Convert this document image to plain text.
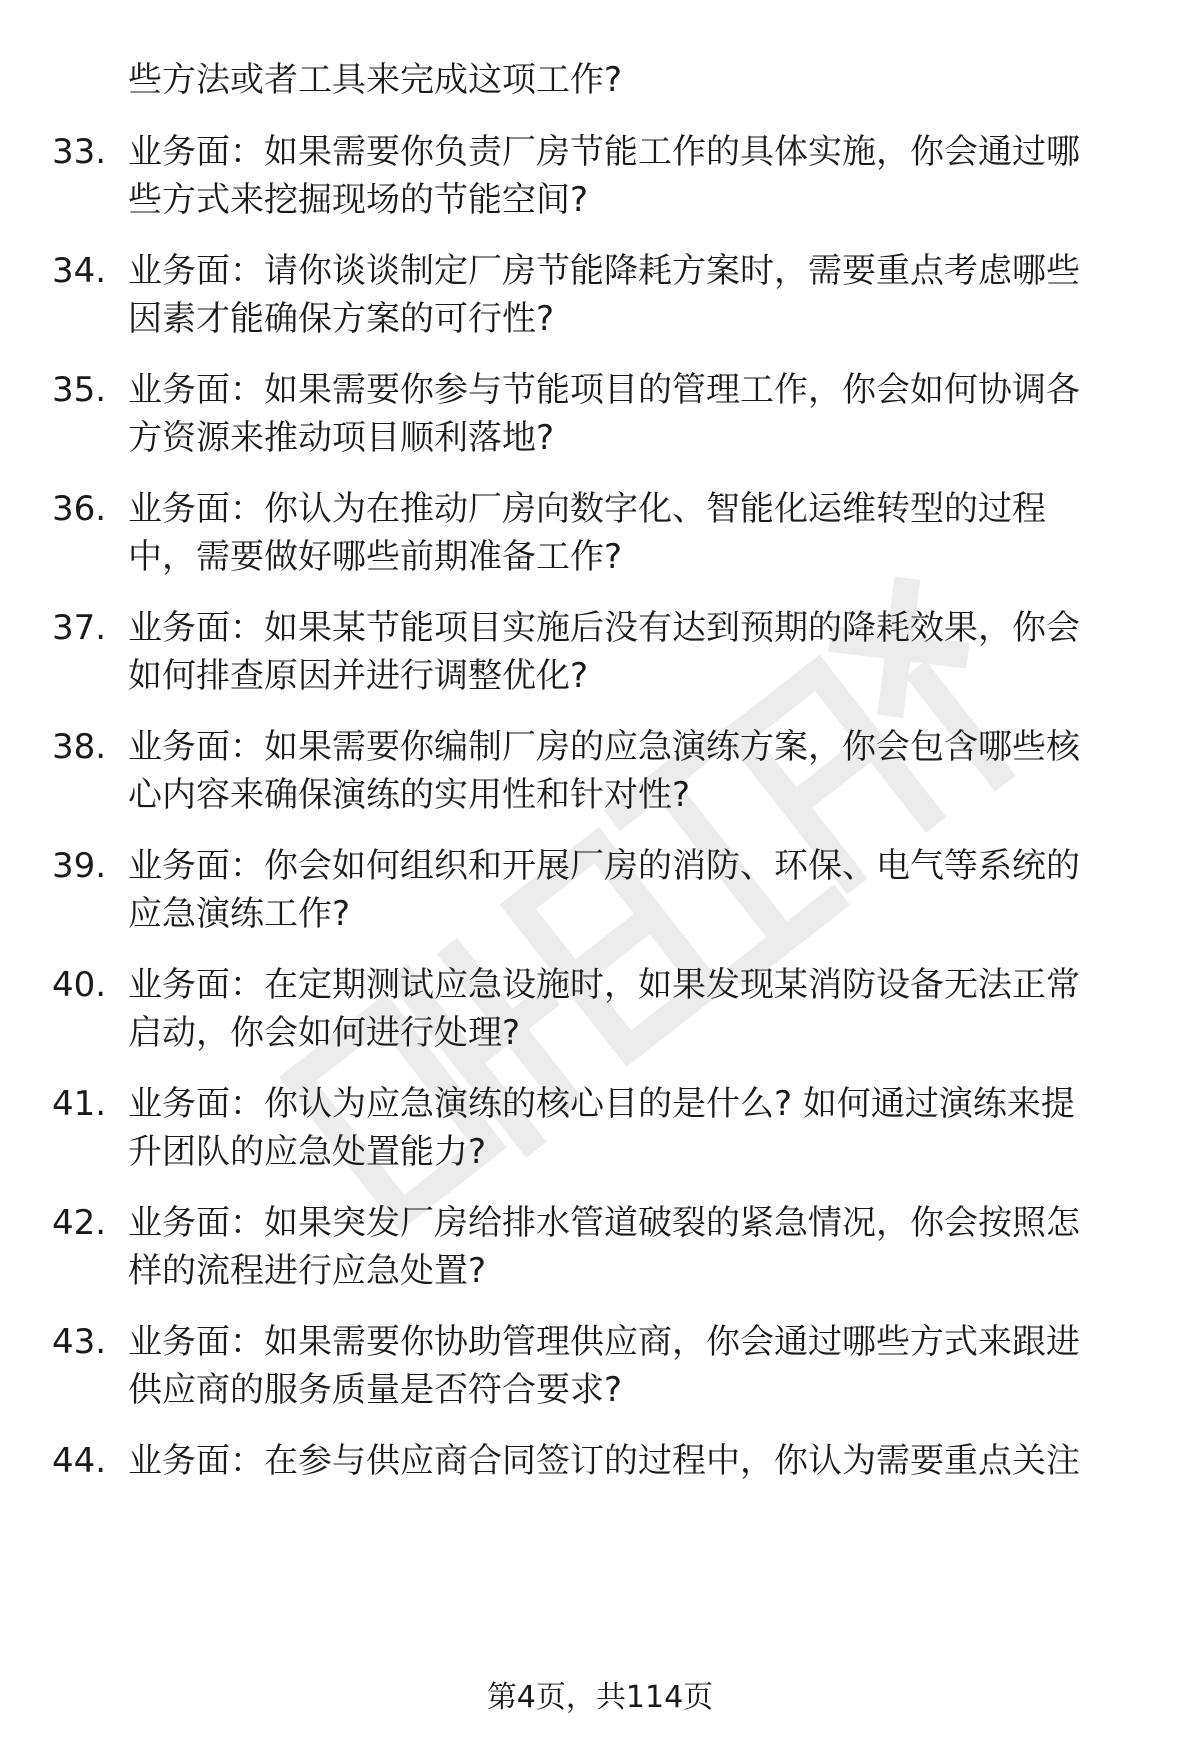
些方法或者工具来完成这项工作?
33. 业务面：如果需要你负责厂房节能工作的具体实施，你会通过哪
些方式来挖掘现场的节能空间?
34. 业务面：请你谈谈制定厂房节能降耗方案时，需要重点考虑哪些
因素才能确保方案的可行性?
35. 业务面：如果需要你参与节能项目的管理工作，你会如何协调各
方资源来推动项目顺利落地?
36. 业务面：你认为在推动厂房向数字化、智能化运维转型的过程
中，需要做好哪些前期准备工作?
37. 业务面：如果某节能项目实施后没有达到预期的降耗效果，你会
如何排查原因并进行调整优化?
38. 业务面：如果需要你编制厂房的应急演练方案，你会包含哪些核
心内容来确保演练的实用性和针对性?
39. 业务面：你会如何组织和开展厂房的消防、环保、电气等系统的
应急演练工作?
40. 业务面：在定期测试应急设施时，如果发现某消防设备无法正常
启动，你会如何进行处理?
41. 业务面：你认为应急演练的核心目的是什么? 如何通过演练来提
升团队的应急处置能力?
42. 业务面：如果突发厂房给排水管道破裂的紧急情况，你会按照怎
样的流程进行应急处置?
43. 业务面：如果需要你协助管理供应商，你会通过哪些方式来跟进
供应商的服务质量是否符合要求?
44. 业务面：在参与供应商合同签订的过程中，你认为需要重点关注
第4页，共114页
